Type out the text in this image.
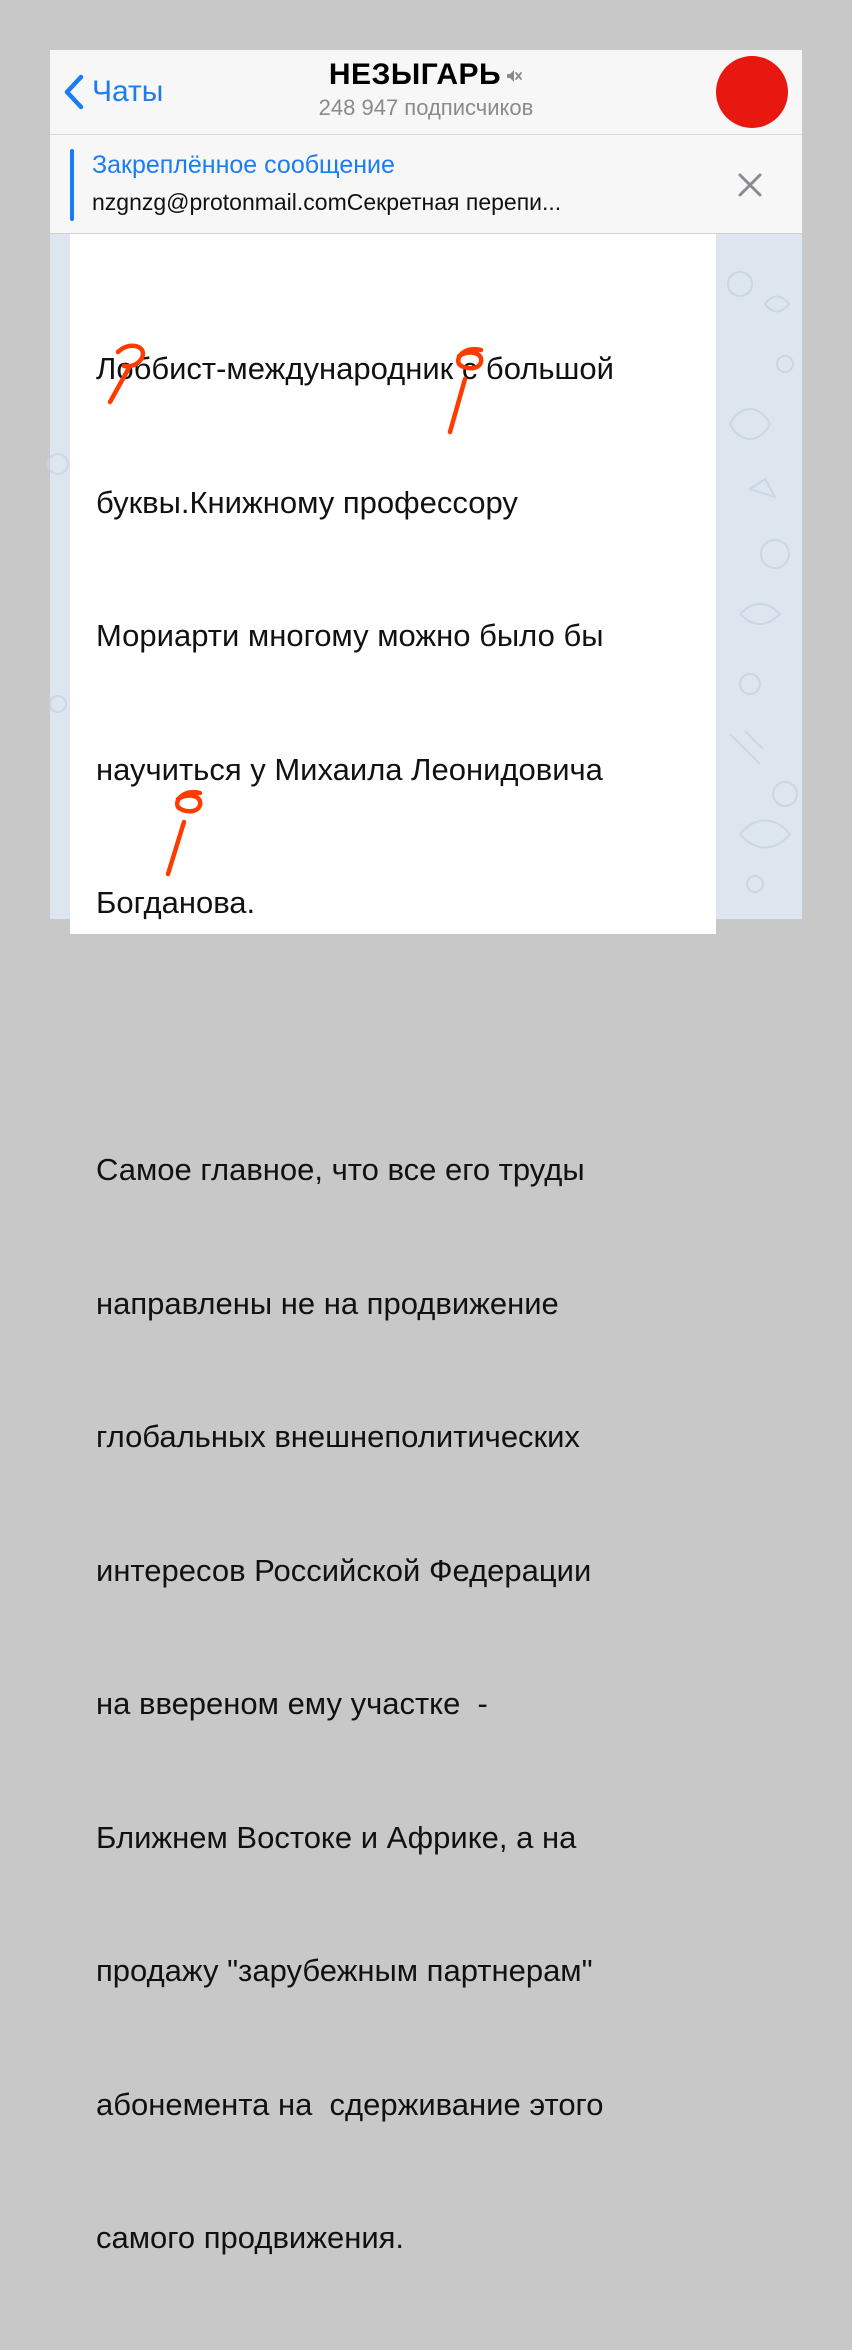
Чаты
НЕЗЫГАРЬ
248 947 подписчиков
Закреплённое сообщение
nzgnzg@protonmail.comСекретная перепи...

Лоббист-международник с большой

буквы.Книжному профессору

Мориарти многому можно было бы

научиться у Михаила Леонидовича

Богданова.

Самое главное, что все его труды

направлены не на продвижение

глобальных внешнеполитических

интересов Российской Федерации

на ввереном ему участке  -

Ближнем Востоке и Африке, а на

продажу "зарубежным партнерам"

абонемента на  сдерживание этого

самого продвижения.
